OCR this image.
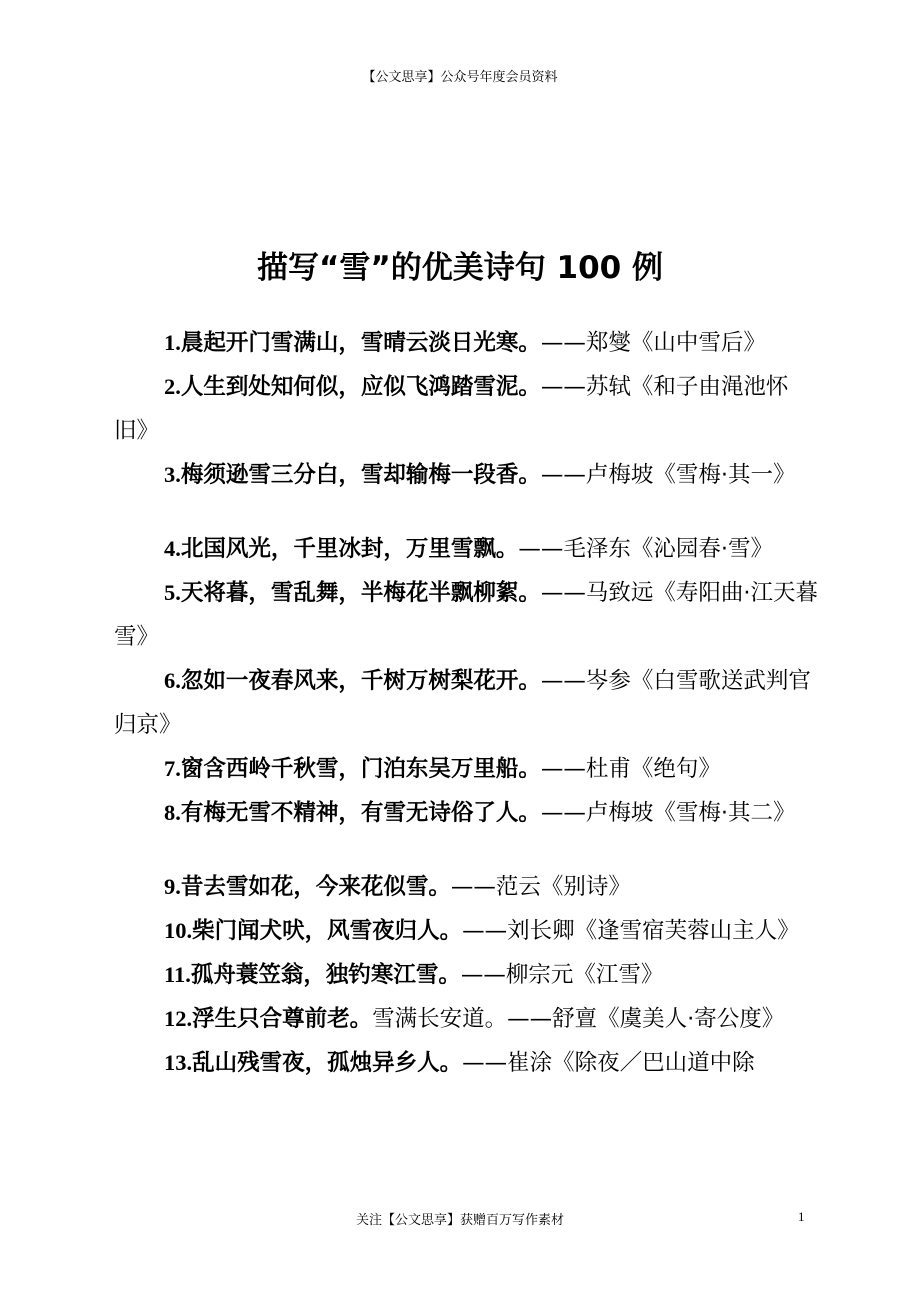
【公文思享】公众号年度会员资料
描写“雪”的优美诗句 100 例

1.晨起开门雪满山，雪晴云淡日光寒。——郑燮《山中雪后》

2.人生到处知何似，应似飞鸿踏雪泥。——苏轼《和子由渑池怀旧》

3.梅须逊雪三分白，雪却输梅一段香。——卢梅坡《雪梅·其一》

4.北国风光，千里冰封，万里雪飘。——毛泽东《沁园春·雪》

5.天将暮，雪乱舞，半梅花半飘柳絮。——马致远《寿阳曲·江天暮雪》

6.忽如一夜春风来，千树万树梨花开。——岑参《白雪歌送武判官归京》

7.窗含西岭千秋雪，门泊东吴万里船。——杜甫《绝句》

8.有梅无雪不精神，有雪无诗俗了人。——卢梅坡《雪梅·其二》

9.昔去雪如花，今来花似雪。——范云《别诗》

10.柴门闻犬吠，风雪夜归人。——刘长卿《逢雪宿芙蓉山主人》

11.孤舟蓑笠翁，独钓寒江雪。——柳宗元《江雪》

12.浮生只合尊前老。雪满长安道。——舒亶《虞美人·寄公度》

13.乱山残雪夜，孤烛异乡人。——崔涂《除夜／巴山道中除

关注【公文思享】获赠百万写作素材	1
